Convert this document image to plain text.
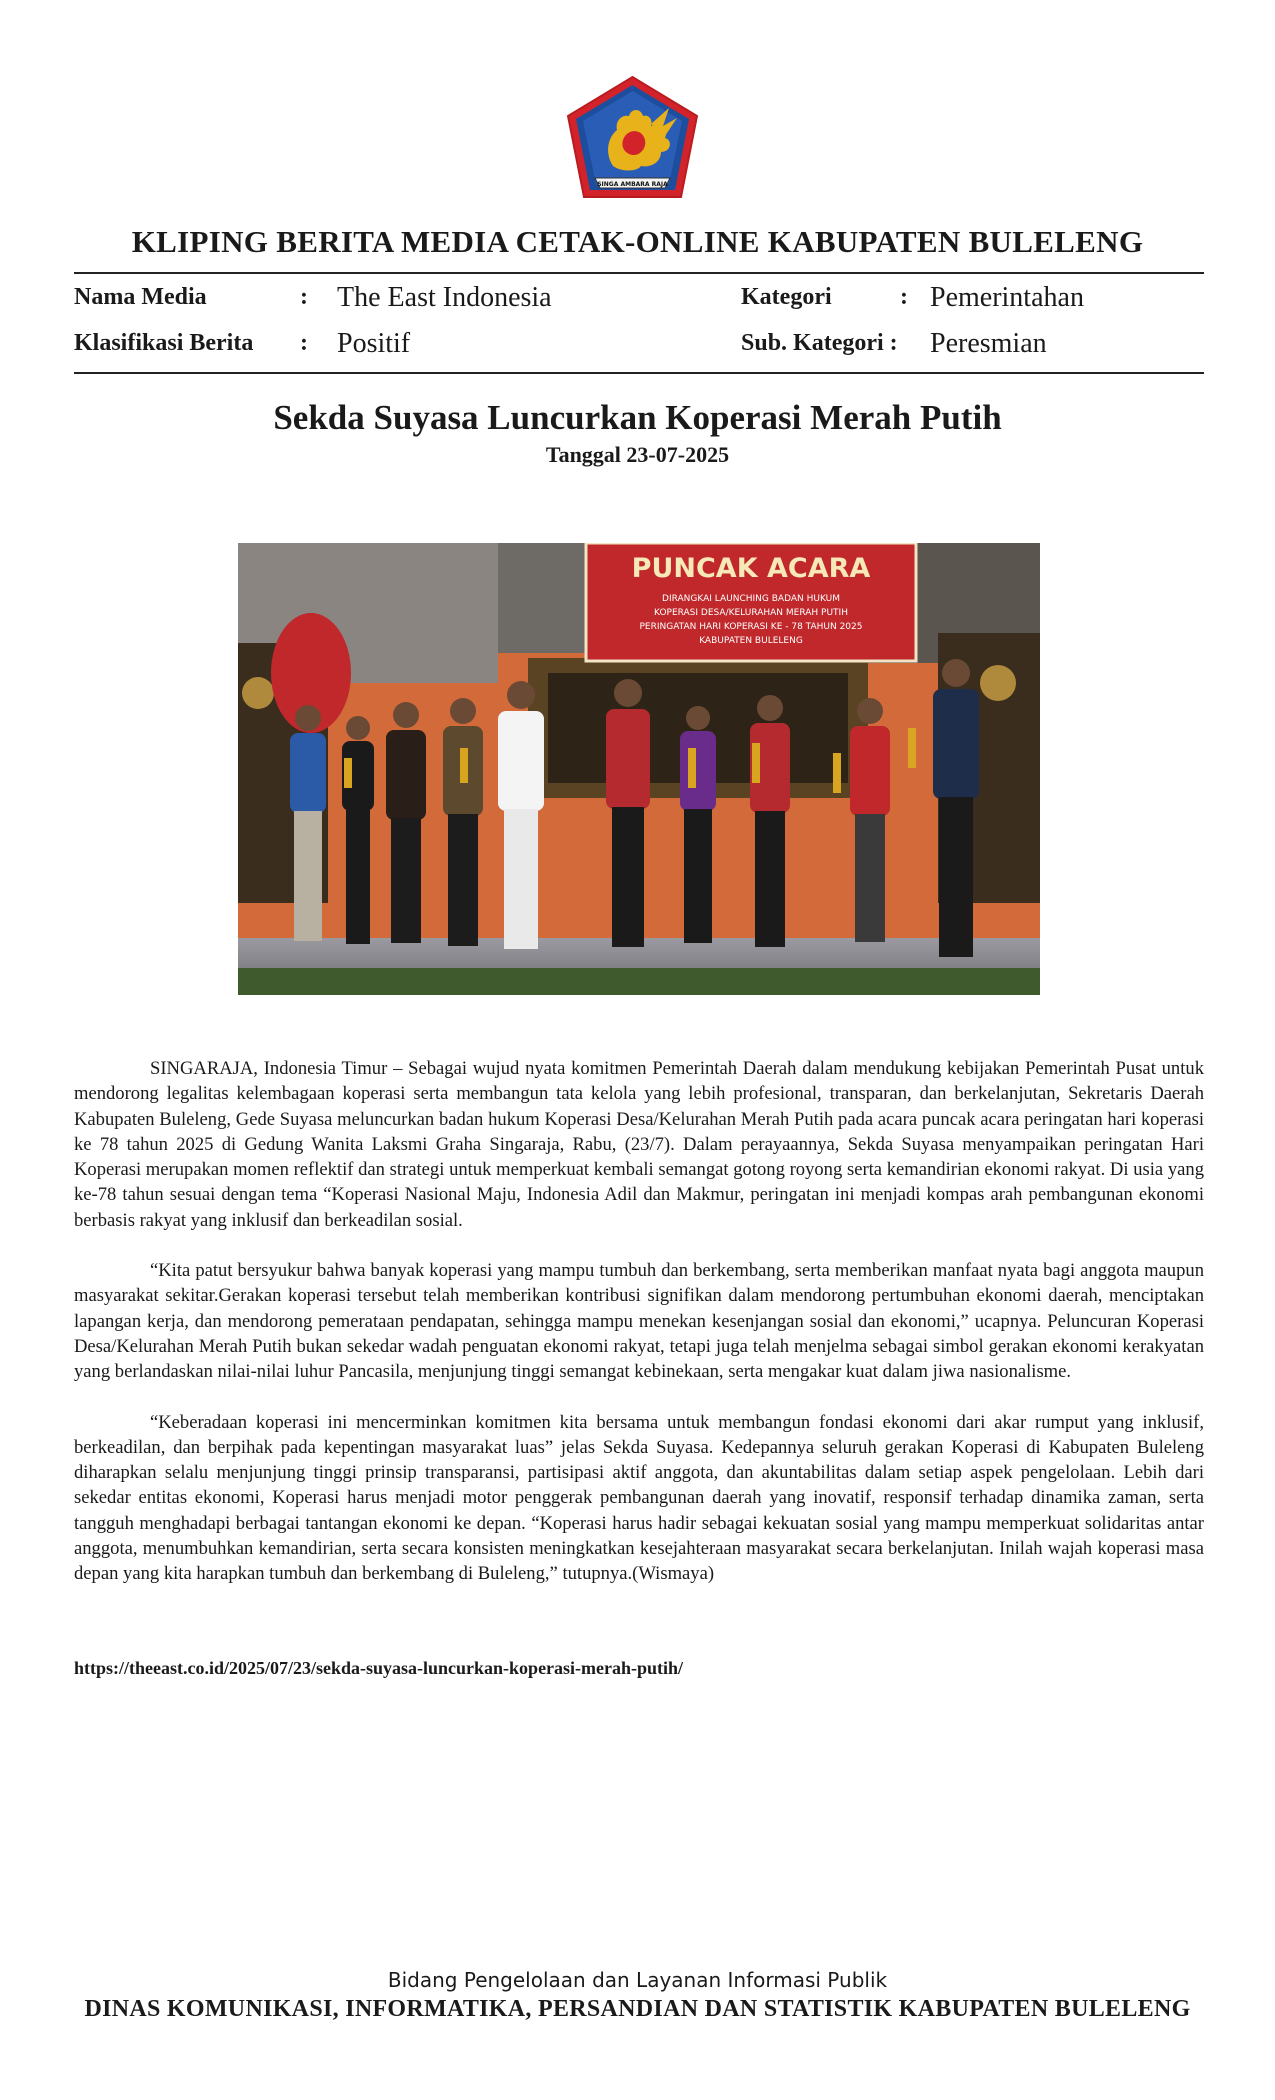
SINGA AMBARA RAJA
KLIPING BERITA MEDIA CETAK-ONLINE KABUPATEN BULELENG
Nama Media	: The East Indonesia
Klasifikasi Berita : Positif
Kategori	: Pemerintahan
Sub. Kategori : Peresmian
Sekda Suyasa Luncurkan Koperasi Merah Putih
Tanggal 23-07-2025
PUNCAK ACARA
DIRANGKAI LAUNCHING BADAN HUKUM
KOPERASI DESA/KELURAHAN MERAH PUTIH
PERINGATAN HARI KOPERASI KE - 78 TAHUN 2025
KABUPATEN BULELENG

SINGARAJA, Indonesia Timur – Sebagai wujud nyata komitmen Pemerintah Daerah dalam mendukung kebijakan Pemerintah Pusat untuk mendorong legalitas kelembagaan koperasi serta membangun tata kelola yang lebih profesional, transparan, dan berkelanjutan, Sekretaris Daerah Kabupaten Buleleng, Gede Suyasa meluncurkan badan hukum Koperasi Desa/Kelurahan Merah Putih pada acara puncak acara peringatan hari koperasi ke 78 tahun 2025 di Gedung Wanita Laksmi Graha Singaraja, Rabu, (23/7). Dalam perayaannya, Sekda Suyasa menyampaikan peringatan Hari Koperasi merupakan momen reflektif dan strategi untuk memperkuat kembali semangat gotong royong serta kemandirian ekonomi rakyat. Di usia yang ke-78 tahun sesuai dengan tema “Koperasi Nasional Maju, Indonesia Adil dan Makmur, peringatan ini menjadi kompas arah pembangunan ekonomi berbasis rakyat yang inklusif dan berkeadilan sosial.

“Kita patut bersyukur bahwa banyak koperasi yang mampu tumbuh dan berkembang, serta memberikan manfaat nyata bagi anggota maupun masyarakat sekitar.Gerakan koperasi tersebut telah memberikan kontribusi signifikan dalam mendorong pertumbuhan ekonomi daerah, menciptakan lapangan kerja, dan mendorong pemerataan pendapatan, sehingga mampu menekan kesenjangan sosial dan ekonomi,” ucapnya. Peluncuran Koperasi Desa/Kelurahan Merah Putih bukan sekedar wadah penguatan ekonomi rakyat, tetapi juga telah menjelma sebagai simbol gerakan ekonomi kerakyatan yang berlandaskan nilai-nilai luhur Pancasila, menjunjung tinggi semangat kebinekaan, serta mengakar kuat dalam jiwa nasionalisme.

“Keberadaan koperasi ini mencerminkan komitmen kita bersama untuk membangun fondasi ekonomi dari akar rumput yang inklusif, berkeadilan, dan berpihak pada kepentingan masyarakat luas” jelas Sekda Suyasa. Kedepannya seluruh gerakan Koperasi di Kabupaten Buleleng diharapkan selalu menjunjung tinggi prinsip transparansi, partisipasi aktif anggota, dan akuntabilitas dalam setiap aspek pengelolaan. Lebih dari sekedar entitas ekonomi, Koperasi harus menjadi motor penggerak pembangunan daerah yang inovatif, responsif terhadap dinamika zaman, serta tangguh menghadapi berbagai tantangan ekonomi ke depan. “Koperasi harus hadir sebagai kekuatan sosial yang mampu memperkuat solidaritas antar anggota, menumbuhkan kemandirian, serta secara konsisten meningkatkan kesejahteraan masyarakat secara berkelanjutan. Inilah wajah koperasi masa depan yang kita harapkan tumbuh dan berkembang di Buleleng,” tutupnya.(Wismaya)

https://theeast.co.id/2025/07/23/sekda-suyasa-luncurkan-koperasi-merah-putih/
Bidang Pengelolaan dan Layanan Informasi Publik
DINAS KOMUNIKASI, INFORMATIKA, PERSANDIAN DAN STATISTIK KABUPATEN BULELENG
